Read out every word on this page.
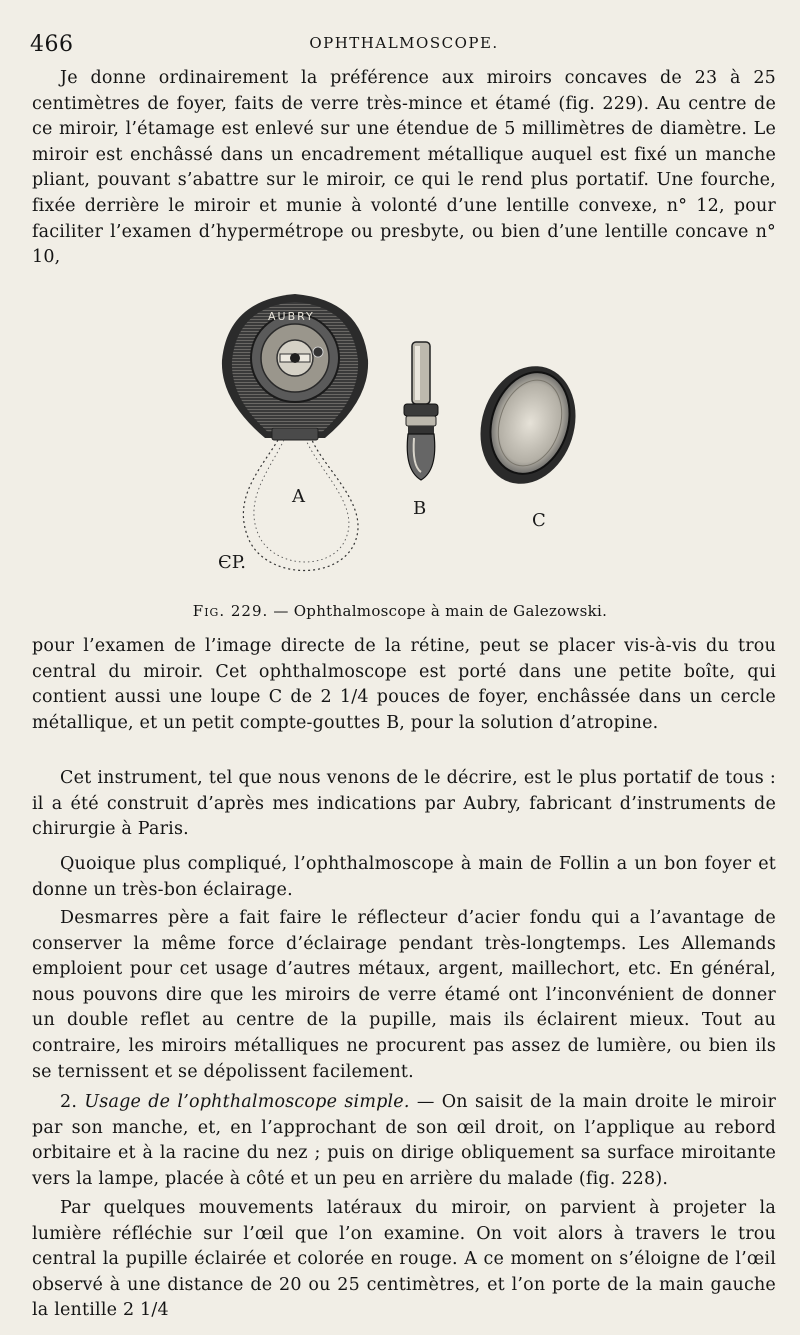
466	OPHTHALMOSCOPE.

Je donne ordinairement la préférence aux miroirs concaves de 23 à 25 centimètres de foyer, faits de verre très-mince et étamé (fig. 229). Au centre de ce miroir, l’étamage est enlevé sur une étendue de 5 millimètres de diamètre. Le miroir est enchâssé dans un encadrement métallique auquel est fixé un manche pliant, pouvant s’abattre sur le miroir, ce qui le rend plus portatif. Une fourche, fixée derrière le miroir et munie à volonté d’une lentille convexe, n° 12, pour faciliter l’examen d’hypermétrope ou presbyte, ou bien d’une lentille concave n° 10,

AUBRY
A
ЄP.
B
C
Fig. 229. — Ophthalmoscope à main de Galezowski.

pour l’examen de l’image directe de la rétine, peut se placer vis-à-vis du trou central du miroir. Cet ophthalmoscope est porté dans une petite boîte, qui contient aussi une loupe C de 2 1/4 pouces de foyer, enchâssée dans un cercle métallique, et un petit compte-gouttes B, pour la solution d’atropine.

Cet instrument, tel que nous venons de le décrire, est le plus portatif de tous : il a été construit d’après mes indications par Aubry, fabricant d’instruments de chirurgie à Paris.

Quoique plus compliqué, l’ophthalmoscope à main de Follin a un bon foyer et donne un très-bon éclairage.

Desmarres père a fait faire le réflecteur d’acier fondu qui a l’avantage de conserver la même force d’éclairage pendant très-longtemps. Les Allemands emploient pour cet usage d’autres métaux, argent, maillechort, etc. En général, nous pouvons dire que les miroirs de verre étamé ont l’inconvénient de donner un double reflet au centre de la pupille, mais ils éclairent mieux. Tout au contraire, les miroirs métalliques ne procurent pas assez de lumière, ou bien ils se ternissent et se dépolissent facilement.

2. Usage de l’ophthalmoscope simple. — On saisit de la main droite le miroir par son manche, et, en l’approchant de son œil droit, on l’applique au rebord orbitaire et à la racine du nez ; puis on dirige obliquement sa surface miroitante vers la lampe, placée à côté et un peu en arrière du malade (fig. 228).

Par quelques mouvements latéraux du miroir, on parvient à projeter la lumière réfléchie sur l’œil que l’on examine. On voit alors à travers le trou central la pupille éclairée et colorée en rouge. A ce moment on s’éloigne de l’œil observé à une distance de 20 ou 25 centimètres, et l’on porte de la main gauche la lentille 2 1/4
